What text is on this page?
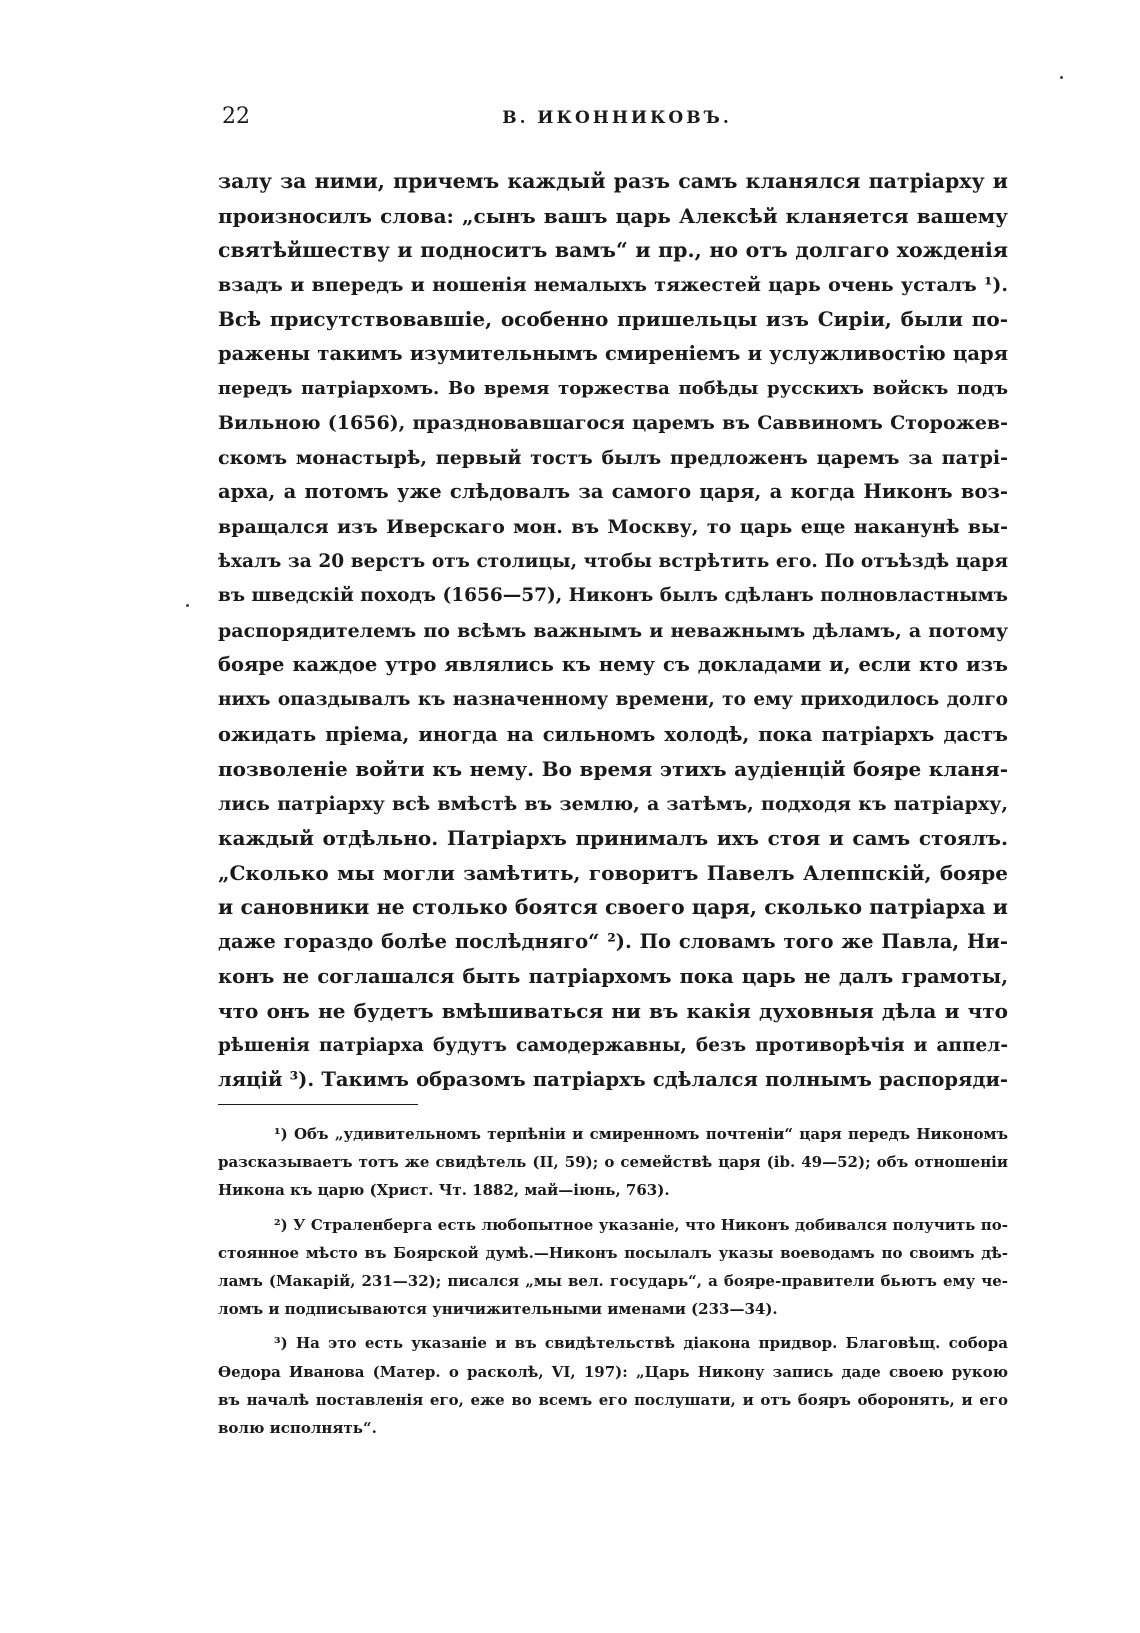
22	В. ИКОННИКОВЪ.
залу за ними, причемъ каждый разъ самъ кланялся патріарху и
произносилъ слова: „сынъ вашъ царь Алексѣй кланяется вашему
святѣйшеству и подноситъ вамъ“ и пр., но отъ долгаго хожденія
взадъ и впередъ и ношенія немалыхъ тяжестей царь очень усталъ ¹).
Всѣ присутствовавшіе, особенно пришельцы изъ Сиріи, были по-
ражены такимъ изумительнымъ смиреніемъ и услужливостію царя
передъ патріархомъ. Во время торжества побѣды русскихъ войскъ подъ
Вильною (1656), праздновавшагося царемъ въ Саввиномъ Сторожев-
скомъ монастырѣ, первый тостъ былъ предложенъ царемъ за патрі-
арха, а потомъ уже слѣдовалъ за самого царя, а когда Никонъ воз-
вращался изъ Иверскаго мон. въ Москву, то царь еще наканунѣ вы-
ѣхалъ за 20 верстъ отъ столицы, чтобы встрѣтить его. По отъѣздѣ царя
въ шведскій походъ (1656—57), Никонъ былъ сдѣланъ полновластнымъ
распорядителемъ по всѣмъ важнымъ и неважнымъ дѣламъ, а потому
бояре каждое утро являлись къ нему съ докладами и, если кто изъ
нихъ опаздывалъ къ назначенному времени, то ему приходилось долго
ожидать пріема, иногда на сильномъ холодѣ, пока патріархъ дастъ
позволеніе войти къ нему. Во время этихъ аудіенцій бояре кланя-
лись патріарху всѣ вмѣстѣ въ землю, а затѣмъ, подходя къ патріарху,
каждый отдѣльно. Патріархъ принималъ ихъ стоя и самъ стоялъ.
„Сколько мы могли замѣтить, говоритъ Павелъ Алеппскій, бояре
и сановники не столько боятся своего царя, сколько патріарха и
даже гораздо болѣе послѣдняго“ ²). По словамъ того же Павла, Ни-
конъ не соглашался быть патріархомъ пока царь не далъ грамоты,
что онъ не будетъ вмѣшиваться ни въ какія духовныя дѣла и что
рѣшенія патріарха будутъ самодержавны, безъ противорѣчія и аппел-
ляцій ³). Такимъ образомъ патріархъ сдѣлался полнымъ распоряди-
¹) Объ „удивительномъ терпѣніи и смиренномъ почтеніи“ царя передъ Никономъ
разсказываетъ тотъ же свидѣтель (II, 59); о семействѣ царя (ib. 49—52); объ отношеніи
Никона къ царю (Христ. Чт. 1882, май—іюнь, 763).
²) У Страленберга есть любопытное указаніе, что Никонъ добивался получить по-
стоянное мѣсто въ Боярской думѣ.—Никонъ посылалъ указы воеводамъ по своимъ дѣ-
ламъ (Макарій, 231—32); писался „мы вел. государь“, а бояре-правители бьютъ ему че-
ломъ и подписываются уничижительными именами (233—34).
³) На это есть указаніе и въ свидѣтельствѣ діакона придвор. Благовѣщ. собора
Ѳедора Иванова (Матер. о расколѣ, VI, 197): „Царь Никону запись даде своею рукою
въ началѣ поставленія его, еже во всемъ его послушати, и отъ бояръ оборонять, и его
волю исполнять“.
